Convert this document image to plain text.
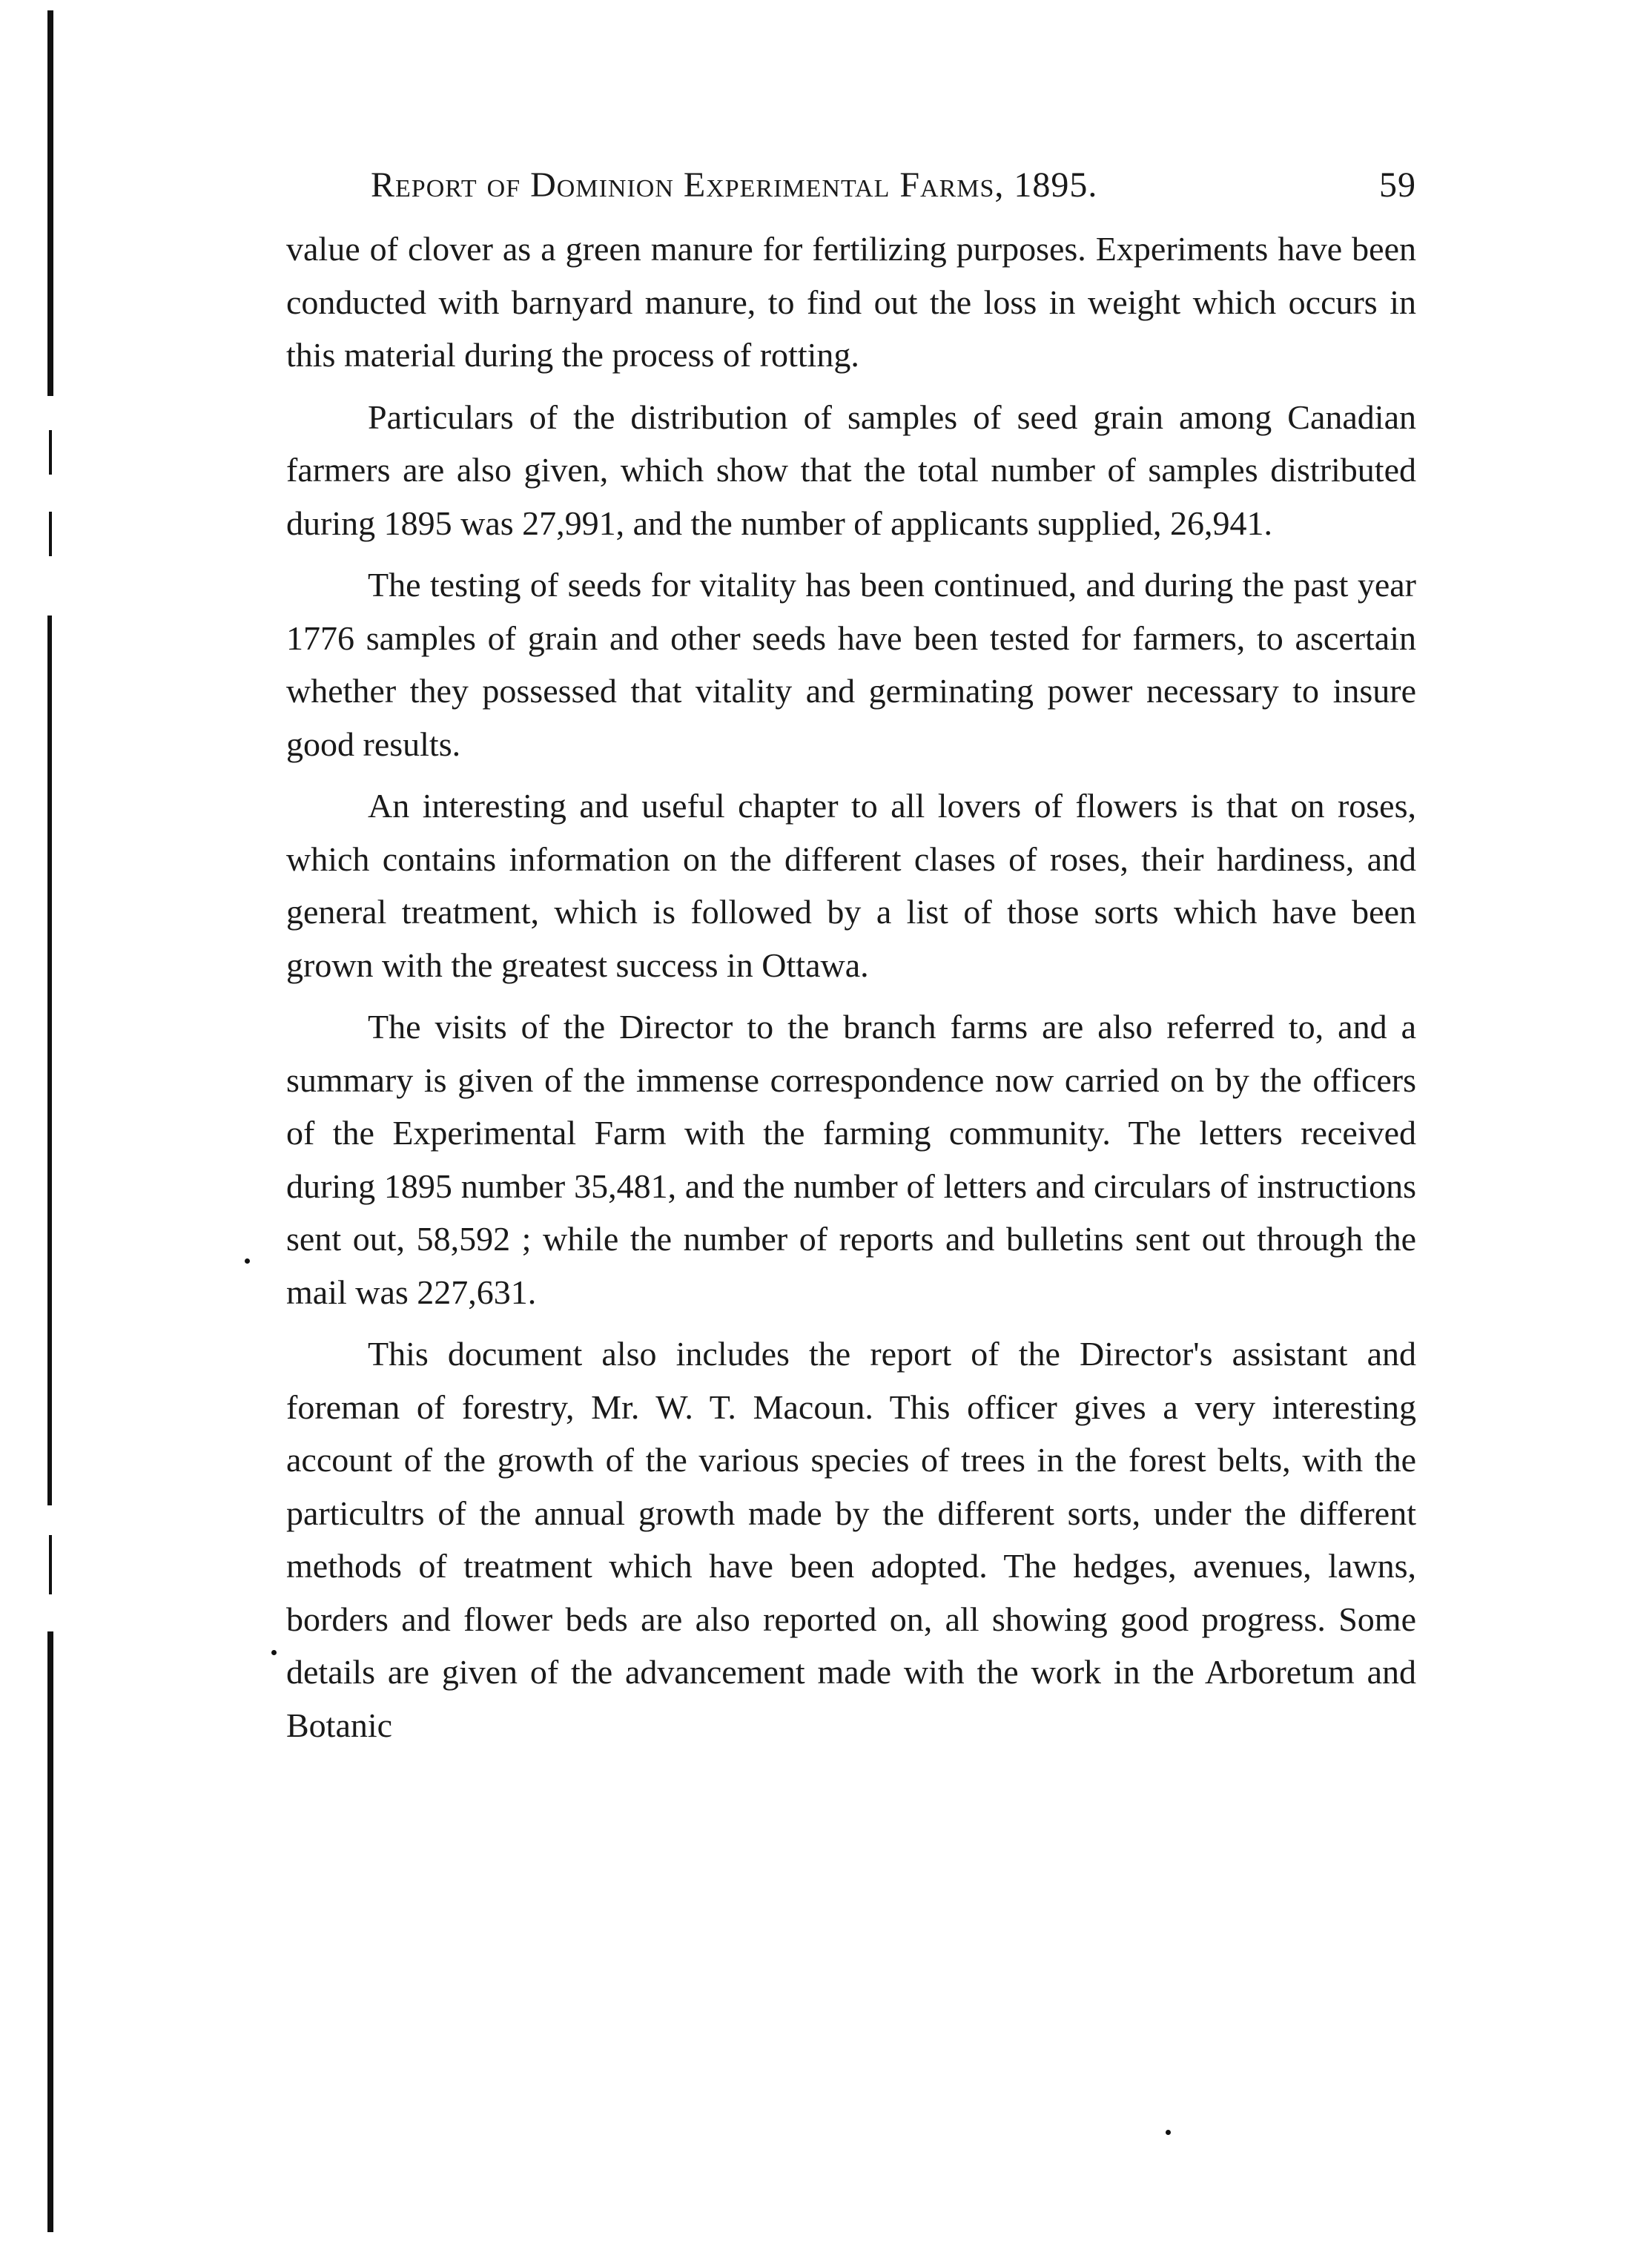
Report of Dominion Experimental Farms, 1895.	59

value of clover as a green manure for fertilizing purposes. Experiments have been conducted with barnyard manure, to find out the loss in weight which occurs in this material during the process of rotting.

Particulars of the distribution of samples of seed grain among Canadian farmers are also given, which show that the total number of samples distributed during 1895 was 27,991, and the number of applicants supplied, 26,941.

The testing of seeds for vitality has been continued, and during the past year 1776 samples of grain and other seeds have been tested for farmers, to ascertain whether they possessed that vitality and germinating power necessary to insure good results.

An interesting and useful chapter to all lovers of flowers is that on roses, which contains information on the different clases of roses, their hardiness, and general treatment, which is followed by a list of those sorts which have been grown with the greatest success in Ottawa.

The visits of the Director to the branch farms are also referred to, and a summary is given of the immense correspondence now carried on by the officers of the Experimental Farm with the farming community. The letters received during 1895 number 35,481, and the number of letters and circulars of instructions sent out, 58,592 ; while the number of reports and bulletins sent out through the mail was 227,631.

This document also includes the report of the Director's assistant and foreman of forestry, Mr. W. T. Macoun. This officer gives a very interesting account of the growth of the various species of trees in the forest belts, with the particultrs of the annual growth made by the different sorts, under the different methods of treatment which have been adopted. The hedges, avenues, lawns, borders and flower beds are also reported on, all showing good progress. Some details are given of the advancement made with the work in the Arboretum and Botanic
